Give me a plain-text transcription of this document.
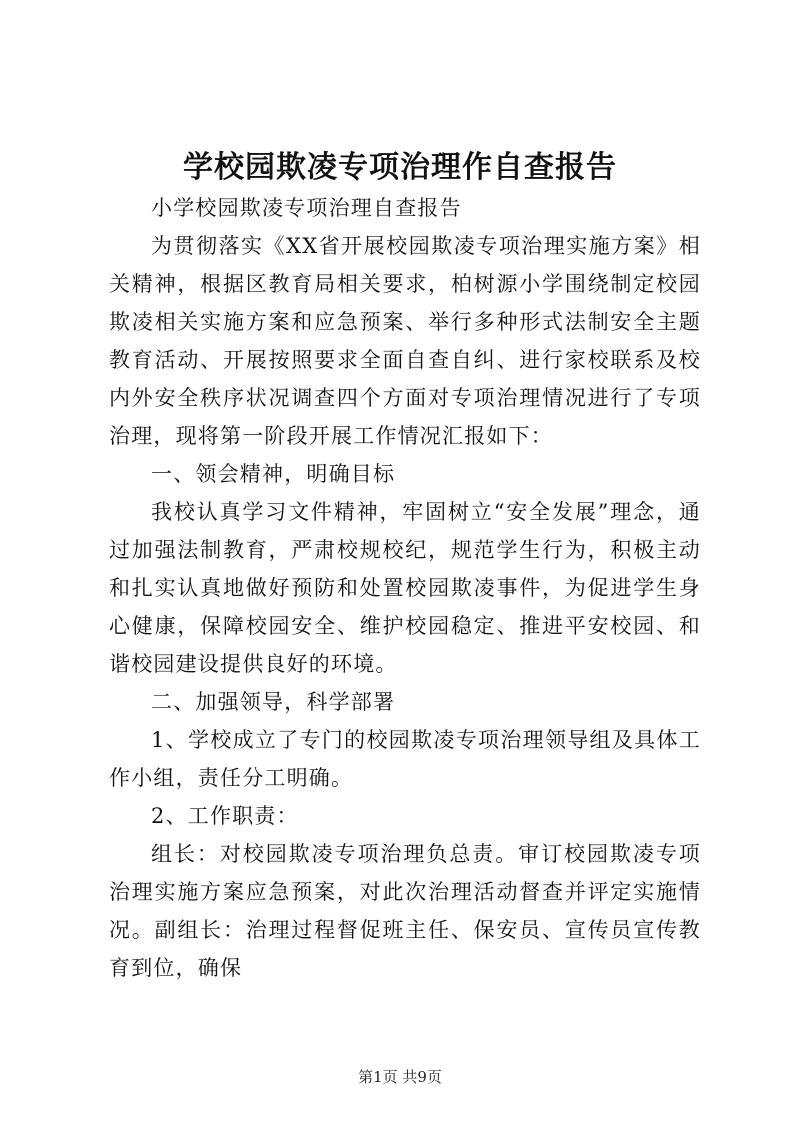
学校园欺凌专项治理作自查报告

小学校园欺凌专项治理自查报告

为贯彻落实《XX省开展校园欺凌专项治理实施方案》相关精神，根据区教育局相关要求，柏树源小学围绕制定校园欺凌相关实施方案和应急预案、举行多种形式法制安全主题教育活动、开展按照要求全面自查自纠、进行家校联系及校内外安全秩序状况调查四个方面对专项治理情况进行了专项治理，现将第一阶段开展工作情况汇报如下：

一、领会精神，明确目标

我校认真学习文件精神，牢固树立“安全发展”理念，通过加强法制教育，严肃校规校纪，规范学生行为，积极主动和扎实认真地做好预防和处置校园欺凌事件，为促进学生身心健康，保障校园安全、维护校园稳定、推进平安校园、和谐校园建设提供良好的环境。

二、加强领导，科学部署

1、学校成立了专门的校园欺凌专项治理领导组及具体工作小组，责任分工明确。

2、工作职责：

组长：对校园欺凌专项治理负总责。审订校园欺凌专项治理实施方案应急预案，对此次治理活动督查并评定实施情况。副组长：治理过程督促班主任、保安员、宣传员宣传教育到位，确保

第1页 共9页
